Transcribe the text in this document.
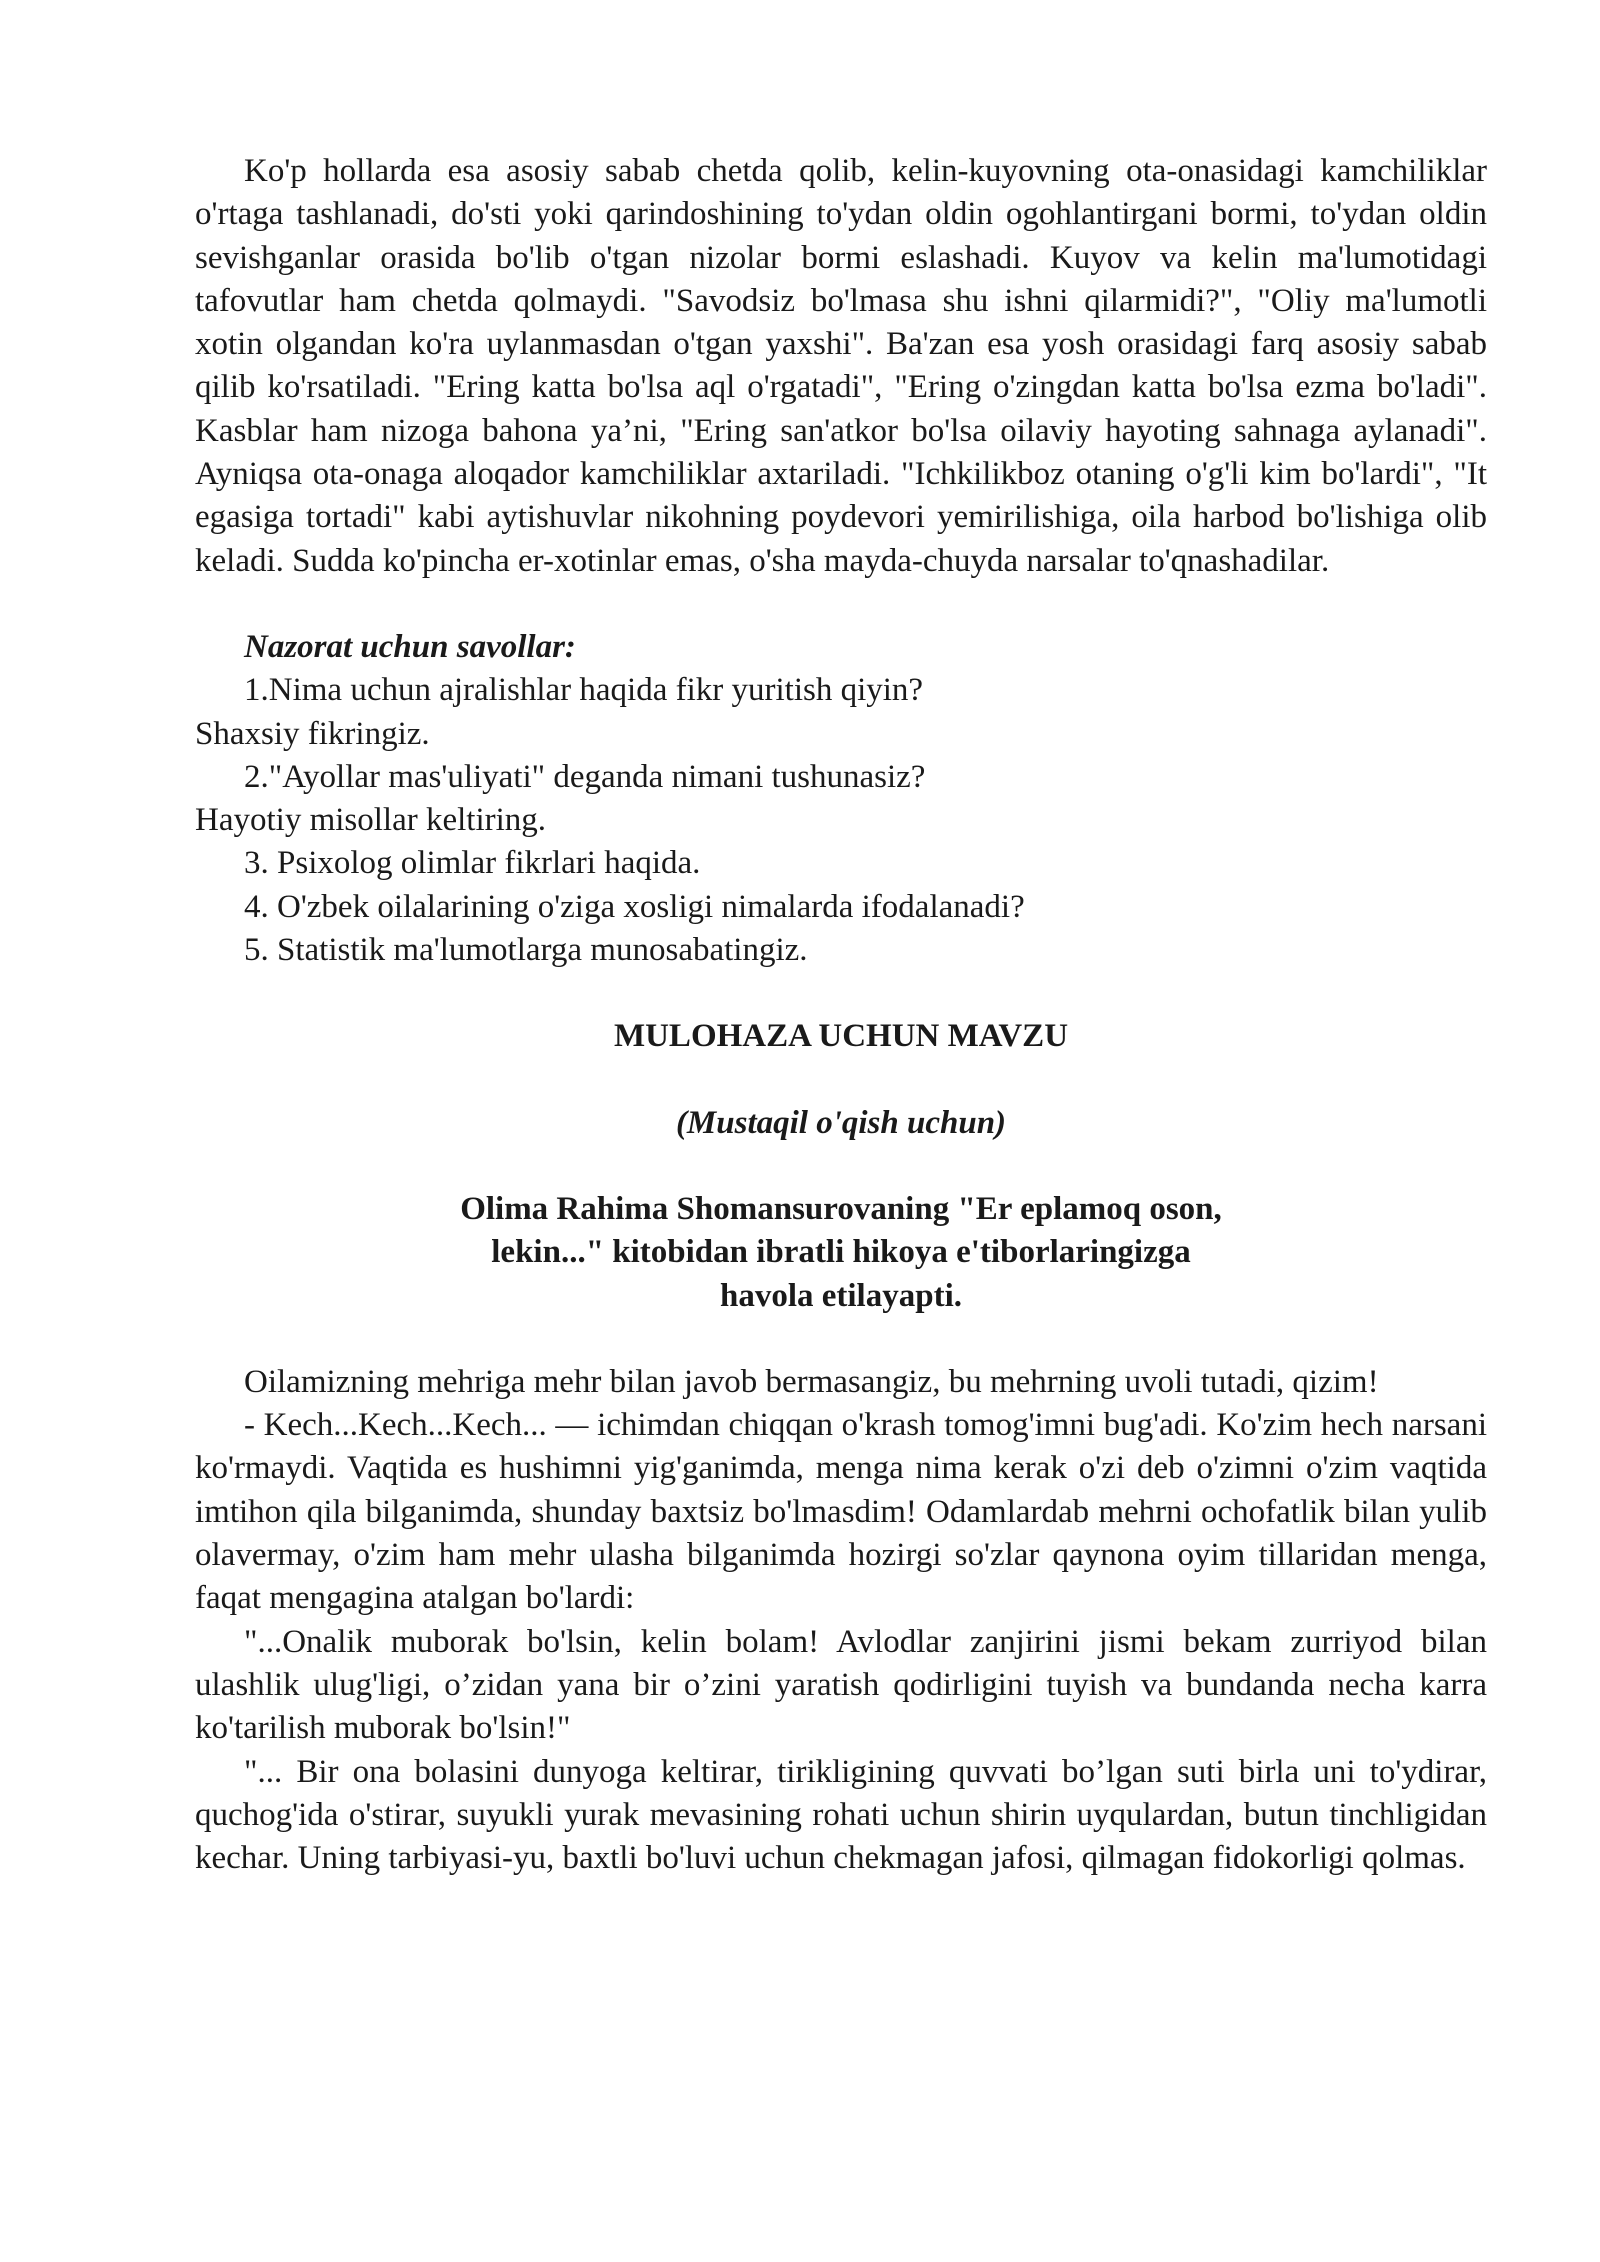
Ko'p hollarda esa asosiy sabab chetda qolib, kelin-kuyovning ota-onasidagi kamchiliklar o'rtaga tashlanadi, do'sti yoki qarindoshining to'ydan oldin ogohlantirgani bormi, to'ydan oldin sevishganlar orasida bo'lib o'tgan nizolar bormi eslashadi. Kuyov va kelin ma'lumotidagi tafovutlar ham chetda qolmaydi. "Savodsiz bo'lmasa shu ishni qilarmidi?", "Oliy ma'lumotli xotin olgandan ko'ra uylanmasdan o'tgan yaxshi". Ba'zan esa yosh orasidagi farq asosiy sabab qilib ko'rsatiladi. "Ering katta bo'lsa aql o'rgatadi", "Ering o'zingdan katta bo'lsa ezma bo'ladi". Kasblar ham nizoga bahona ya’ni, "Ering san'atkor bo'lsa oilaviy hayoting sahnaga aylanadi". Ayniqsa ota-onaga aloqador kamchiliklar axtariladi. "Ichkilikboz otaning o'g'li kim bo'lardi", "It egasiga tortadi" kabi aytishuvlar nikohning poydevori yemirilishiga, oila harbod bo'lishiga olib keladi. Sudda ko'pincha er-xotinlar emas, o'sha mayda-chuyda narsalar to'qnashadilar.

Nazorat uchun savollar:

1.Nima uchun ajralishlar haqida fikr yuritish qiyin?

Shaxsiy fikringiz.

2."Ayollar mas'uliyati" deganda nimani tushunasiz?

Hayotiy misollar keltiring.

3. Psixolog olimlar fikrlari haqida.

4. O'zbek oilalarining o'ziga xosligi nimalarda ifodalanadi?

5. Statistik ma'lumotlarga munosabatingiz.

MULOHAZA UCHUN MAVZU

(Mustaqil o'qish uchun)

Olima Rahima Shomansurovaning "Er eplamoq oson,

lekin..." kitobidan ibratli hikoya e'tiborlaringizga

havola etilayapti.

Oilamizning mehriga mehr bilan javob bermasangiz, bu mehrning uvoli tutadi, qizim!

- Kech...Kech...Kech... — ichimdan chiqqan o'krash tomog'imni bug'adi. Ko'zim hech narsani ko'rmaydi. Vaqtida es hushimni yig'ganimda, menga nima kerak o'zi deb o'zimni o'zim vaqtida imtihon qila bilganimda, shunday baxtsiz bo'lmasdim! Odamlardab mehrni ochofatlik bilan yulib olavermay, o'zim ham mehr ulasha bilganimda hozirgi so'zlar qaynona oyim tillaridan menga, faqat mengagina atalgan bo'lardi:

"...Onalik muborak bo'lsin, kelin bolam! Avlodlar zanjirini jismi bekam zurriyod bilan ulashlik ulug'ligi, o’zidan yana bir o’zini yaratish qodirligini tuyish va bundanda necha karra ko'tarilish muborak bo'lsin!"

"... Bir ona bolasini dunyoga keltirar, tirikligining quvvati bo’lgan suti birla uni to'ydirar, quchog'ida o'stirar, suyukli yurak mevasining rohati uchun shirin uyqulardan, butun tinchligidan kechar. Uning tarbiyasi-yu, baxtli bo'luvi uchun chekmagan jafosi, qilmagan fidokorligi qolmas.
